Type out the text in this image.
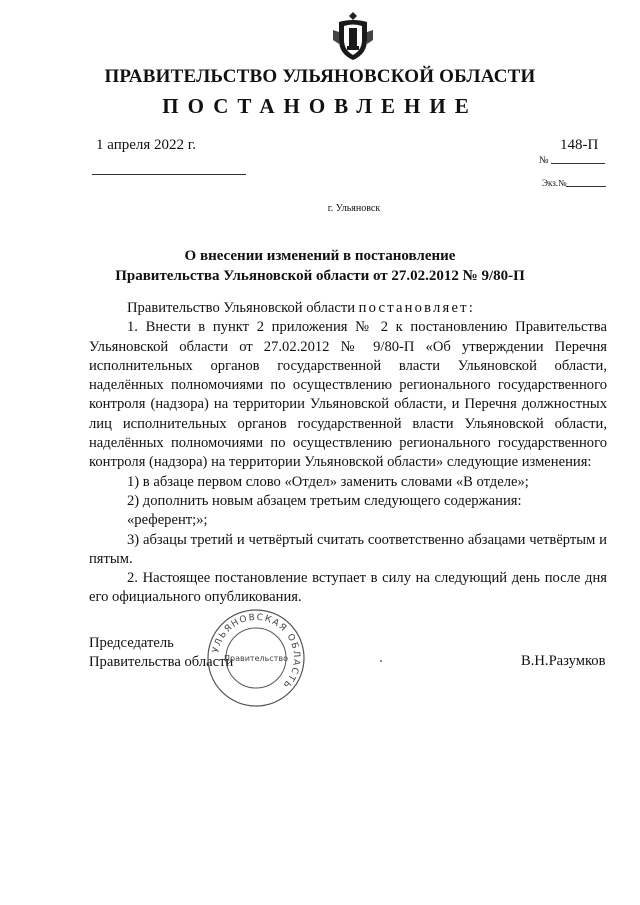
ПРАВИТЕЛЬСТВО УЛЬЯНОВСКОЙ ОБЛАСТИ
ПОСТАНОВЛЕНИЕ
1 апреля 2022 г.	148-П
№
Экз.№
г. Ульяновск
О внесении изменений в постановление
Правительства Ульяновской области от 27.02.2012 № 9/80-П

Правительство Ульяновской области постановляет:

1. Внести в пункт 2 приложения № 2 к постановлению Правительства Ульяновской области от 27.02.2012 № 9/80-П «Об утверждении Перечня исполнительных органов государственной власти Ульяновской области, наделённых полномочиями по осуществлению регионального государственного контроля (надзора) на территории Ульяновской области, и Перечня должностных лиц исполнительных органов государственной власти Ульяновской области, наделённых полномочиями по осуществлению регионального государственного контроля (надзора) на территории Ульяновской области» следующие изменения:

1) в абзаце первом слово «Отдел» заменить словами «В отделе»;

2) дополнить новым абзацем третьим следующего содержания:

«референт;»;

3) абзацы третий и четвёртый считать соответственно абзацами четвёртым и пятым.

2. Настоящее постановление вступает в силу на следующий день после дня его официального опубликования.

Председатель
Правительства области	В.Н.Разумков
УЛЬЯНОВСКАЯ ОБЛАСТЬ
Правительство
